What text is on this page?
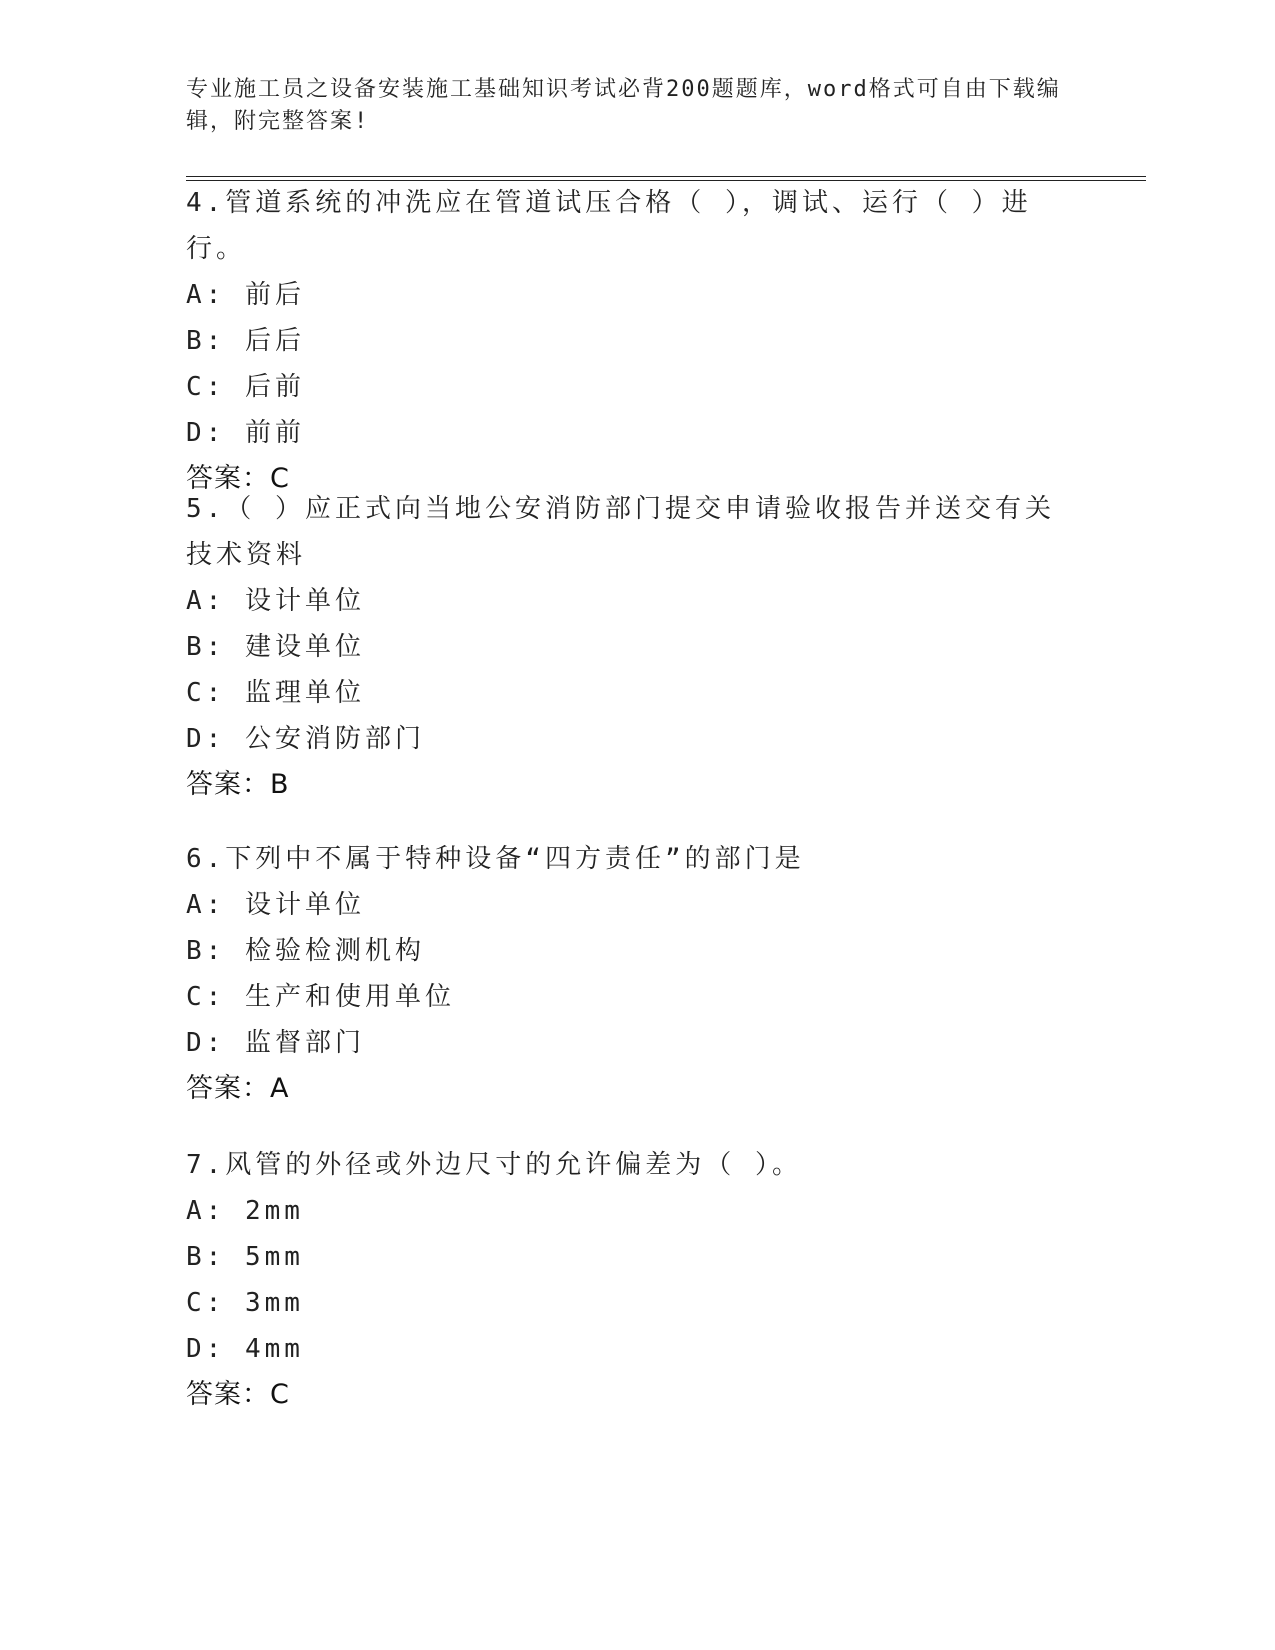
专业施工员之设备安装施工基础知识考试必背200题题库，word格式可自由下载编辑，附完整答案!
4.管道系统的冲洗应在管道试压合格（ ），调试、运行（ ）进行。
A: 前后
B: 后后
C: 后前
D: 前前
答案：C
5.（ ）应正式向当地公安消防部门提交申请验收报告并送交有关技术资料
A: 设计单位
B: 建设单位
C: 监理单位
D: 公安消防部门
答案：B
6.下列中不属于特种设备“四方责任”的部门是
A: 设计单位
B: 检验检测机构
C: 生产和使用单位
D: 监督部门
答案：A
7.风管的外径或外边尺寸的允许偏差为（ ）。
A: 2mm
B: 5mm
C: 3mm
D: 4mm
答案：C
